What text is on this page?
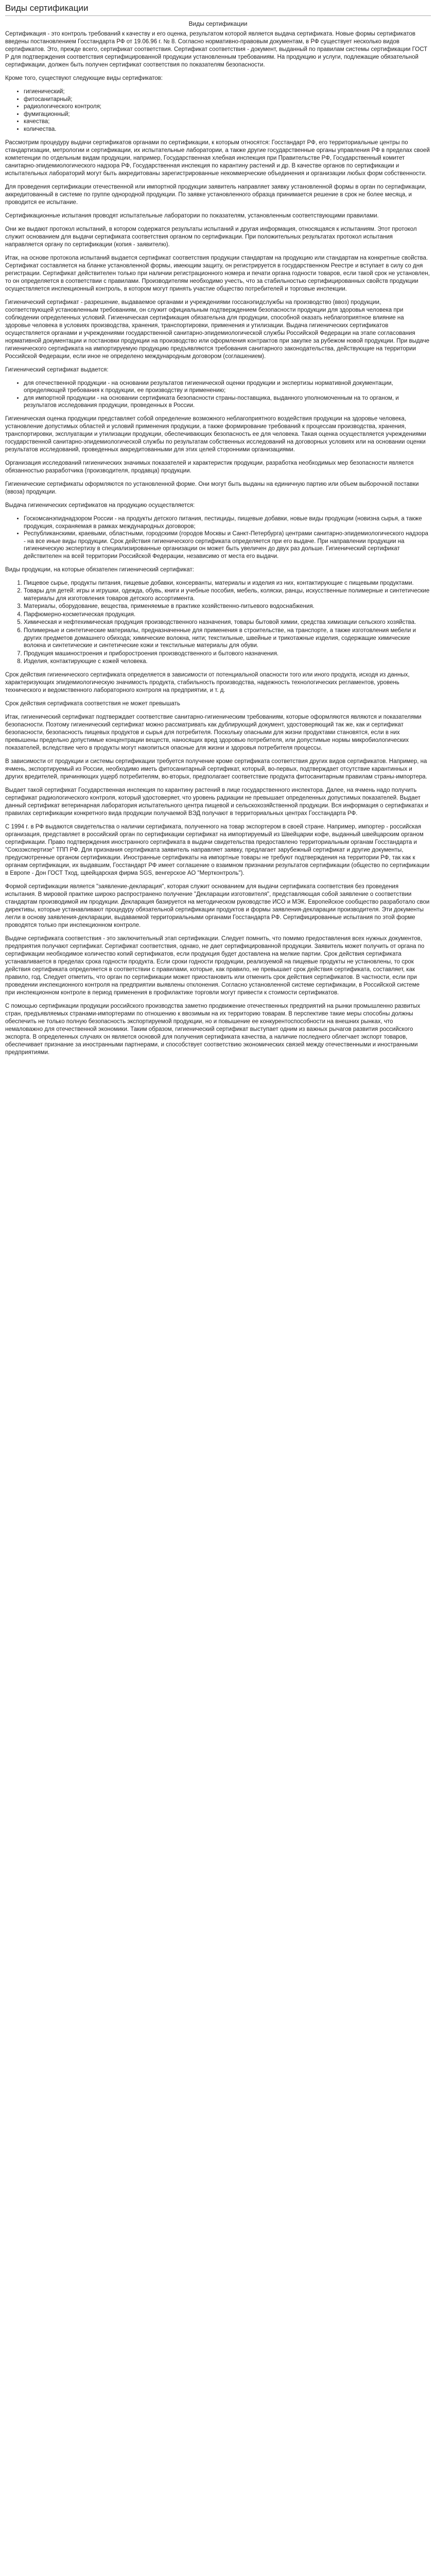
Виды сертификации
Виды сертификации

Сертификация - это контроль требований к качеству и его оценка, результатом которой является выдача сертификата. Новые формы сертификатов введены постановлением Госстандарта РФ от 19.06.96 г. № 8. Согласно нормативно-правовым документам, в РФ существует несколько видов сертификатов. Это, прежде всего, сертификат соответствия. Сертификат соответствия - документ, выданный по правилам системы сертификации ГОСТ Р для подтверждения соответствия сертифицированной продукции установленным требованиям. На продукцию и услуги, подлежащие обязательной сертификации, должен быть получен сертификат соответствия по показателям безопасности.

Кроме того, существуют следующие виды сертификатов:

• гигиенический;
• фитосанитарный;
• радиологического контроля;
• фумигационный;
• качества;
• количества.

Рассмотрим процедуру выдачи сертификатов органами по сертификации, к которым относятся: Госстандарт РФ, его территориальные центры по стандартизации, метрологии и сертификации, их испытательные лаборатории, а также другие государственные органы управления РФ в пределах своей компетенции по отдельным видам продукции, например, Государственная хлебная инспекция при Правительстве РФ, Государственный комитет санитарно-эпидемиологического надзора РФ, Государственная инспекция по карантину растений и др. В качестве органов по сертификации и испытательных лабораторий могут быть аккредитованы зарегистрированные некоммерческие объединения и организации любых форм собственности.

Для проведения сертификации отечественной или импортной продукции заявитель направляет заявку установленной формы в орган по сертификации, аккредитованный в системе по группе однородной продукции. По заявке установленного образца принимается решение в срок не более месяца, и проводится ее испытание.

Сертификационные испытания проводят испытательные лаборатории по показателям, установленным соответствующими правилами.

Они же выдают протокол испытаний, в котором содержатся результаты испытаний и другая информация, относящаяся к испытаниям. Этот протокол служит основанием для выдачи сертификата соответствия органом по сертификации. При положительных результатах протокол испытания направляется органу по сертификации (копия - заявителю).

Итак, на основе протокола испытаний выдается сертификат соответствия продукции стандартам на продукцию или стандартам на конкретные свойства. Сертификат составляется на бланке установленной формы, имеющим защиту, он регистрируется в государственном Реестре и вступает в силу со дня регистрации. Сертификат действителен только при наличии регистрационного номера и печати органа годности товаров, если такой срок не установлен, то он определяется в соответствии с правилами. Производителям необходимо учесть, что за стабильностью сертифицированных свойств продукции осуществляется инспекционный контроль, в котором могут принять участие общество потребителей и торговые инспекции.

Гигиенический сертификат - разрешение, выдаваемое органами и учреждениями госсанэпидслужбы на производство (ввоз) продукции, соответствующей установленным требованиям, он служит официальным подтверждением безопасности продукции для здоровья человека при соблюдении определенных условий. Гигиеническая сертификация обязательна для продукции, способной оказать неблагоприятное влияние на здоровье человека в условиях производства, хранения, транспортировки, применения и утилизации. Выдача гигиенических сертификатов осуществляется органами и учреждениями государственной санитарно-эпидемиологической службы Российской Федерации на этапе согласования нормативной документации и постановки продукции на производство или оформления контрактов при закупке за рубежом новой продукции. При выдаче гигиенического сертификата на импортируемую продукцию предъявляются требования санитарного законодательства, действующие на территории Российской Федерации, если иное не определено международным договором (соглашением).

Гигиенический сертификат выдается:

• для отечественной продукции - на основании результатов гигиенической оценки продукции и экспертизы нормативной документации, определяющей требования к продукции, ее производству и применению;
• для импортной продукции - на основании сертификата безопасности страны-поставщика, выданного уполномоченным на то органом, и результатов исследования продукции, проведенных в России.

Гигиеническая оценка продукции представляет собой определение возможного неблагоприятного воздействия продукции на здоровье человека, установление допустимых областей и условий применения продукции, а также формирование требований к процессам производства, хранения, транспортировки, эксплуатации и утилизации продукции, обеспечивающих безопасность ее для человека. Такая оценка осуществляется учреждениями государственной санитарно-эпидемиологической службы по результатам собственных исследований на договорных условиях или на основании оценки результатов исследований, проведенных аккредитованными для этих целей сторонними организациями.

Организация исследований гигиенических значимых показателей и характеристик продукции, разработка необходимых мер безопасности является обязанностью разработчика (производителя, продавца) продукции.

Гигиенические сертификаты оформляются по установленной форме. Они могут быть выданы на единичную партию или объем выборочной поставки (ввоза) продукции.

Выдача гигиенических сертификатов на продукцию осуществляется:

• Госкомсанэпиднадзором России - на продукты детского питания, пестициды, пищевые добавки, новые виды продукции (новизна сырья, а также продукция, сохраняемая в рамках международных договоров;
• Республиканскими, краевыми, областными, городскими (городов Москвы и Санкт-Петербурга) центрами санитарно-эпидемиологического надзора - на все иные виды продукции. Срок действия гигиенического сертификата определяется при его выдаче. При направлении продукции на гигиеническую экспертизу в специализированные организации он может быть увеличен до двух раз дольше. Гигиенический сертификат действителен на всей территории Российской Федерации, независимо от места его выдачи.

Виды продукции, на которые обязателен гигиенический сертификат:

1. Пищевое сырье, продукты питания, пищевые добавки, консерванты, материалы и изделия из них, контактирующие с пищевыми продуктами.
2. Товары для детей: игры и игрушки, одежда, обувь, книги и учебные пособия, мебель, коляски, ранцы, искусственные полимерные и синтетические материалы для изготовления товаров детского ассортимента.
3. Материалы, оборудование, вещества, применяемые в практике хозяйственно-питьевого водоснабжения.
4. Парфюмерно-косметическая продукция.
5. Химическая и нефтехимическая продукция производственного назначения, товары бытовой химии, средства химизации сельского хозяйства.
6. Полимерные и синтетические материалы, предназначенные для применения в строительстве, на транспорте, а также изготовления мебели и других предметов домашнего обихода; химические волокна, нити; текстильные, швейные и трикотажные изделия, содержащие химические волокна и синтетические и синтетические кожи и текстильные материалы для обуви.
7. Продукция машиностроения и приборостроения производственного и бытового назначения.
8. Изделия, контактирующие с кожей человека.

Срок действия гигиенического сертификата определяется в зависимости от потенциальной опасности того или иного продукта, исходя из данных, характеризующих эпидемиологическую значимость продукта, стабильность производства, надежность технологических регламентов, уровень технического и ведомственного лабораторного контроля на предприятии, и т. д.

Срок действия сертификата соответствия не может превышать

Итак, гигиенический сертификат подтверждает соответствие санитарно-гигиеническим требованиям, которые оформляются являются и показателями безопасности. Поэтому гигиенический сертификат можно рассматривать как дублирующий документ, удостоверяющий так же, как и сертификат безопасности, безопасность пищевых продуктов и сырья для потребителя. Поскольку опасными для жизни продуктами становятся, если в них превышены предельно допустимые концентрации веществ, наносящих вред здоровью потребителя, или допустимые нормы микробиологических показателей, вследствие чего в продукты могут накопиться опасные для жизни и здоровья потребителя процессы.

В зависимости от продукции и системы сертификации требуется получение кроме сертификата соответствия других видов сертификатов. Например, на ячмень, экспортируемый из России, необходимо иметь фитосанитарный сертификат, который, во-первых, подтверждает отсутствие карантинных и других вредителей, причиняющих ущерб потребителям, во-вторых, предполагает соответствие продукта фитосанитарным правилам страны-импортера.

Выдает такой сертификат Государственная инспекция по карантину растений в лице государственного инспектора. Далее, на ячмень надо получить сертификат радиологического контроля, который удостоверяет, что уровень радиации не превышает определенных допустимых показателей. Выдает данный сертификат ветеринарная лаборатория испытательного центра пищевой и сельскохозяйственной продукции. Вся информация о сертификатах и правилах сертификации конкретного вида продукции получаемой ВЭД получают в территориальных центрах Госстандарта РФ.

С 1994 г. в РФ выдаются свидетельства о наличии сертификата, полученного на товар экспортером в своей стране. Например, импортер - российская организация, представляет в российский орган по сертификации сертификат на импортируемый из Швейцарии кофе, выданный швейцарским органом сертификации. Право подтверждения иностранного сертификата в выдачи свидетельства предоставлено территориальным органам Госстандарта и "Союзэкспертизе" ТПП РФ. Для признания сертификата заявитель направляет заявку, предлагает зарубежный сертификат и другие документы, предусмотренные органом сертификации. Иностранные сертификаты на импортные товары не требуют подтверждения на территории РФ, так как к органам сертификации, их выдавшим, Госстандарт РФ имеет соглашение о взаимном признании результатов сертификации (общество по сертификации в Европе - Дон ГОСТ Тход, щвейцарская фирма SGS, венгерское АО "Мертконтроль").

Формой сертификации является "заявление-декларация", которая служит основанием для выдачи сертификата соответствия без проведения испытания. В мировой практике широко распространено получение "Декларации изготовителя", представляющая собой заявление о соответствии стандартам производимой им продукции. Декларация базируется на методическом руководстве ИСО и МЭК. Европейское сообщество разработало свои директивы, которые устанавливают процедуру обязательной сертификации продуктов и формы заявления-декларации производителя. Эти документы легли в основу заявления-декларации, выдаваемой территориальными органами Госстандарта РФ. Сертифицированные испытания по этой форме проводятся только при инспекционном контроле.

Выдаче сертификата соответствия - это заключительный этап сертификации. Следует помнить, что помимо предоставления всех нужных документов, предприятия получают сертификат. Сертификат соответствия, однако, не дает сертифицированной продукции. Заявитель может получить от органа по сертификации необходимое количество копий сертификатов, если продукция будет доставлена на мелкие партии. Срок действия сертификата устанавливается в пределах срока годности продукта. Если сроки годности продукции, реализуемой на пищевые продукты не установлены, то срок действия сертификата определяется в соответствии с правилами, которые, как правило, не превышает срок действия сертификата, составляет, как правило, год. Следует отметить, что орган по сертификации может приостановить или отменить срок действия сертификатов. В частности, если при проведении инспекционного контроля на предприятии выявлены отклонения. Согласно установленной системе сертификации, в Российской системе при инспекционном контроле в период применения в профилактике торговли могут привести к стоимости сертификатов.

С помощью сертификации продукции российского производства заметно продвижение отечественных предприятий на рынки промышленно развитых стран, предъявляемых странами-импортерами по отношению к ввозимым на их территорию товарам. В перспективе такие меры способны должны обеспечить не только полную безопасность экспортируемой продукции, но и повышение ее конкурентоспособности на внешних рынках, что немаловажно для отечественной экономики. Таким образом, гигиенический сертификат выступает одним из важных рычагов развития российского экспорта. В определенных случаях он является основой для получения сертификата качества, а наличие последнего облегчает экспорт товаров, обеспечивает признание за иностранными партнерами, и способствует соответствию экономических связей между отечественными и иностранными предприятиями.
